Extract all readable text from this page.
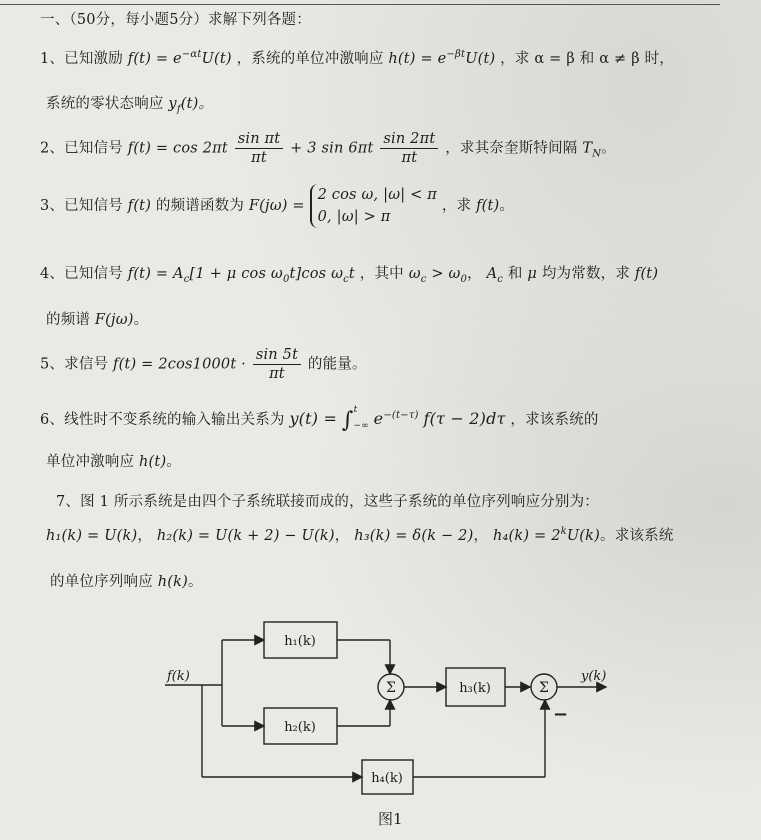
一、（50分，每小题5分）求解下列各题：
1、已知激励 $f(t) = e^{-\alpha t}U(t)$ ，系统的单位冲激响应 $h(t) = e^{-\beta t}U(t)$ ，求 α = β 和 α ≠ β 时，
系统的零状态响应 $y_f(t)$。
2、已知信号 $f(t) = \cos 2\pi t \frac{\text{sin πt}}{\pi t} + 3$ $\sin 6\pi t \frac{\sin 2\pi t}{\pi t}$ ，求其奈奎斯特间隔 $T_N$。
3、已知信号 f(t) 的频谱函数为 F(jω) =
2 cos ω, |ω| < π
0, |ω| > π
，求 f(t)。
4、已知信号 $f(t) = A_c[1 + \mu$ $\cos \omega_0t]\cos$ $\omega_ct$ ，其中 $\omega_c > \omega_0$， $A_c$ 和 μ 均为常数，求 f(t)
的频谱 F(jω)。
5、求信号 $f(t) = 2\cos 1000t \cdot \frac{\sin 5t}{\pi t}$ 的能量。
6、线性时不变系统的输入输出关系为 y(t) = ∫$^t_{-\infty}$ $e^{-(t-\tau)}$ f(τ − 2)dτ ，求该系统的
单位冲激响应 h(t)。
7、图 1 所示系统是由四个子系统联接而成的，这些子系统的单位序列响应分别为：
h₁(k) = U(k)， h₂(k) = U(k + 2) − U(k)， h₃(k) = δ(k − 2)， $h_4(k) = 2^kU(k)$。求该系统
的单位序列响应 h(k)。
f(k)	y(k)
h₁(k)
h₂(k)
h₃(k)
h₄(k)
Σ	Σ
−
图1
